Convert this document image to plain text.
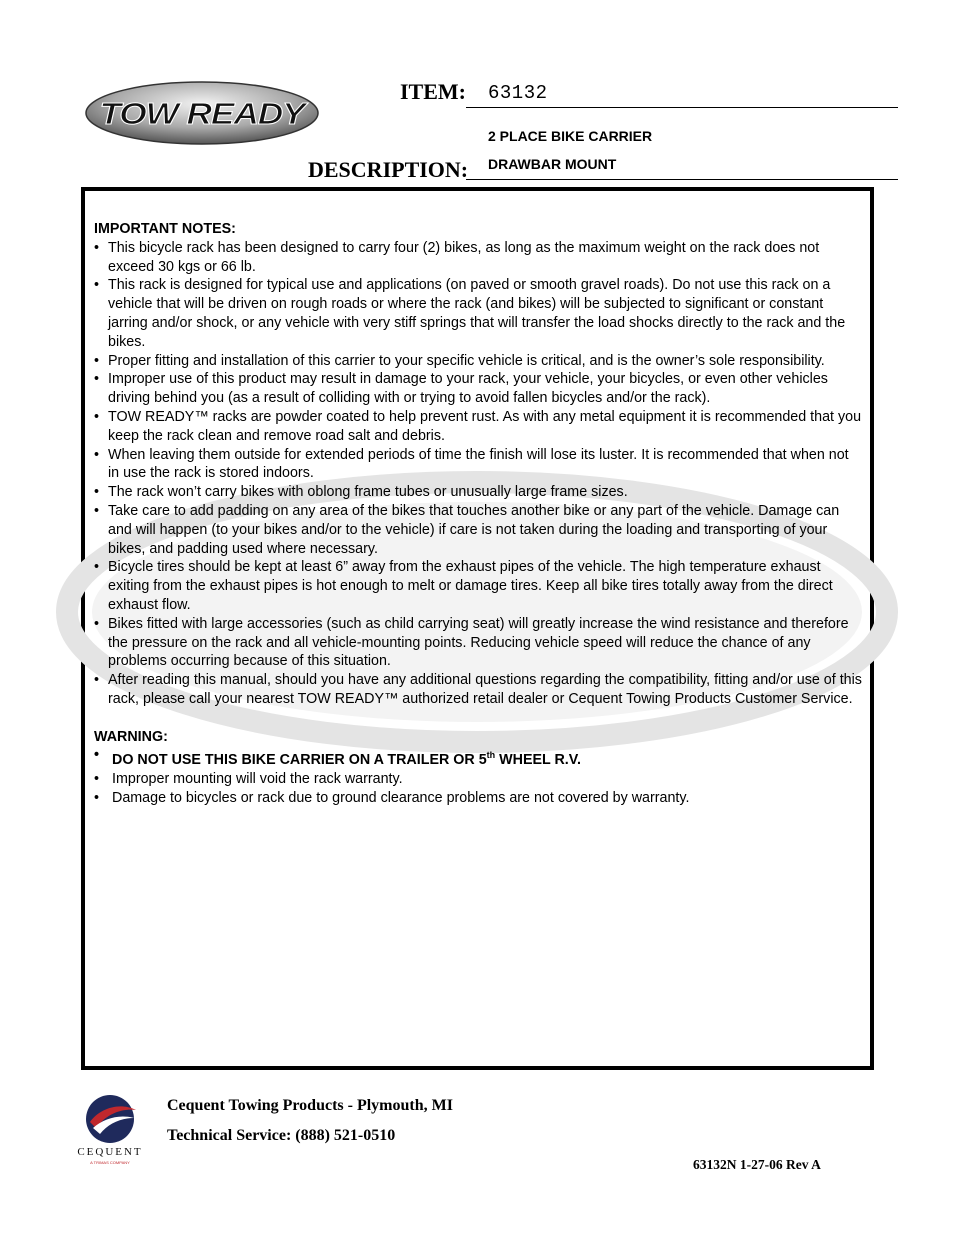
TOW READY
ITEM: 63132
2 PLACE BIKE CARRIER
DESCRIPTION: DRAWBAR MOUNT
IMPORTANT NOTES:
• This bicycle rack has been designed to carry four (2) bikes, as long as the maximum weight on the rack does not exceed 30 kgs or 66 lb.
• This rack is designed for typical use and applications (on paved or smooth gravel roads). Do not use this rack on a vehicle that will be driven on rough roads or where the rack (and bikes) will be subjected to significant or constant jarring and/or shock, or any vehicle with very stiff springs that will transfer the load shocks directly to the rack and the bikes.
• Proper fitting and installation of this carrier to your specific vehicle is critical, and is the owner’s sole responsibility.
• Improper use of this product may result in damage to your rack, your vehicle, your bicycles, or even other vehicles driving behind you (as a result of colliding with or trying to avoid fallen bicycles and/or the rack).
• TOW READY™ racks are powder coated to help prevent rust. As with any metal equipment it is recommended that you keep the rack clean and remove road salt and debris.
• When leaving them outside for extended periods of time the finish will lose its luster. It is recommended that when not in use the rack is stored indoors.
• The rack won’t carry bikes with oblong frame tubes or unusually large frame sizes.
• Take care to add padding on any area of the bikes that touches another bike or any part of the vehicle. Damage can and will happen (to your bikes and/or to the vehicle) if care is not taken during the loading and transporting of your bikes, and padding used where necessary.
• Bicycle tires should be kept at least 6” away from the exhaust pipes of the vehicle. The high temperature exhaust exiting from the exhaust pipes is hot enough to melt or damage tires. Keep all bike tires totally away from the direct exhaust flow.
• Bikes fitted with large accessories (such as child carrying seat) will greatly increase the wind resistance and therefore the pressure on the rack and all vehicle-mounting points. Reducing vehicle speed will reduce the chance of any problems occurring because of this situation.
• After reading this manual, should you have any additional questions regarding the compatibility, fitting and/or use of this rack, please call your nearest TOW READY™ authorized retail dealer or Cequent Towing Products Customer Service.
WARNING:
• DO NOT USE THIS BIKE CARRIER ON A TRAILER OR 5th WHEEL R.V.
• Improper mounting will void the rack warranty.
• Damage to bicycles or rack due to ground clearance problems are not covered by warranty.
CEQUENT
A TRIMAS COMPANY
Cequent Towing Products - Plymouth, MI
Technical Service: (888) 521-0510
63132N 1-27-06 Rev A
